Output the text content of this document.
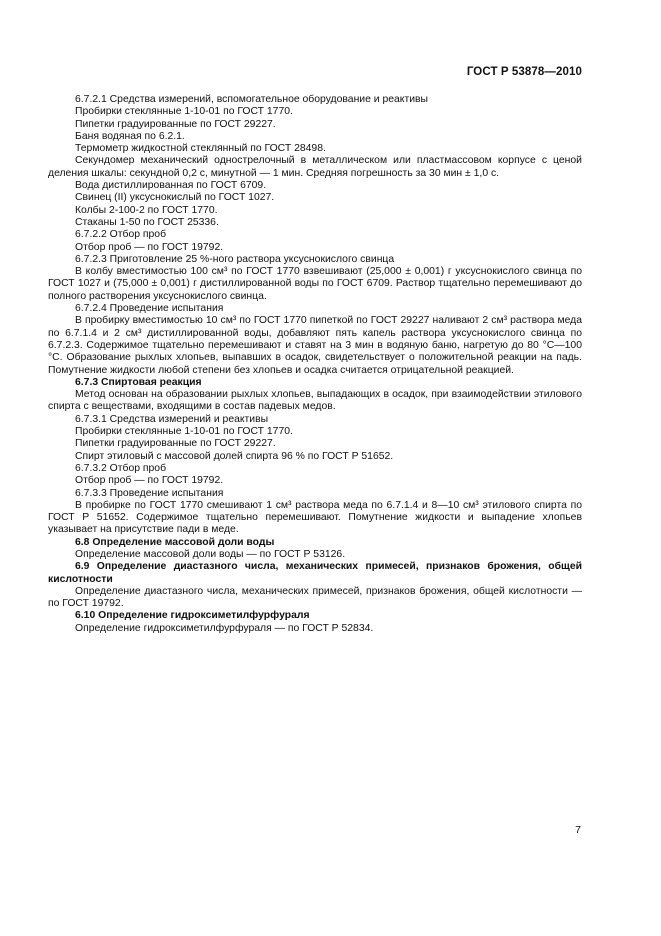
ГОСТ Р 53878—2010

6.7.2.1 Средства измерений, вспомогательное оборудование и реактивы

Пробирки стеклянные 1-10-01 по ГОСТ 1770.

Пипетки градуированные по ГОСТ 29227.

Баня водяная по 6.2.1.

Термометр жидкостной стеклянный по ГОСТ 28498.

Секундомер механический однострелочный в металлическом или пластмассовом корпусе с ценой деления шкалы: секундной 0,2 с, минутной — 1 мин. Средняя погрешность за 30 мин ± 1,0 с.

Вода дистиллированная по ГОСТ 6709.

Свинец (II) уксуснокислый по ГОСТ 1027.

Колбы 2-100-2 по ГОСТ 1770.

Стаканы 1-50 по ГОСТ 25336.

6.7.2.2 Отбор проб

Отбор проб — по ГОСТ 19792.

6.7.2.3 Приготовление 25 %-ного раствора уксуснокислого свинца

В колбу вместимостью 100 см³ по ГОСТ 1770 взвешивают (25,000 ± 0,001) г уксуснокислого свинца по ГОСТ 1027 и (75,000 ± 0,001) г дистиллированной воды по ГОСТ 6709. Раствор тщательно перемешивают до полного растворения уксуснокислого свинца.

6.7.2.4 Проведение испытания

В пробирку вместимостью 10 см³ по ГОСТ 1770 пипеткой по ГОСТ 29227 наливают 2 см³ раствора меда по 6.7.1.4 и 2 см³ дистиллированной воды, добавляют пять капель раствора уксуснокислого свинца по 6.7.2.3. Содержимое тщательно перемешивают и ставят на 3 мин в водяную баню, нагретую до 80 °С—100 °С. Образование рыхлых хлопьев, выпавших в осадок, свидетельствует о положительной реакции на падь. Помутнение жидкости любой степени без хлопьев и осадка считается отрицательной реакцией.

6.7.3 Спиртовая реакция

Метод основан на образовании рыхлых хлопьев, выпадающих в осадок, при взаимодействии этилового спирта с веществами, входящими в состав падевых медов.

6.7.3.1 Средства измерений и реактивы

Пробирки стеклянные 1-10-01 по ГОСТ 1770.

Пипетки градуированные по ГОСТ 29227.

Спирт этиловый с массовой долей спирта 96 % по ГОСТ Р 51652.

6.7.3.2 Отбор проб

Отбор проб — по ГОСТ 19792.

6.7.3.3 Проведение испытания

В пробирке по ГОСТ 1770 смешивают 1 см³ раствора меда по 6.7.1.4 и 8—10 см³ этилового спирта по ГОСТ Р 51652. Содержимое тщательно перемешивают. Помутнение жидкости и выпадение хлопьев указывает на присутствие пади в меде.

6.8 Определение массовой доли воды

Определение массовой доли воды — по ГОСТ Р 53126.

6.9 Определение диастазного числа, механических примесей, признаков брожения, общей кислотности

Определение диастазного числа, механических примесей, признаков брожения, общей кислотности — по ГОСТ 19792.

6.10 Определение гидроксиметилфурфураля

Определение гидроксиметилфурфураля — по ГОСТ Р 52834.

7
